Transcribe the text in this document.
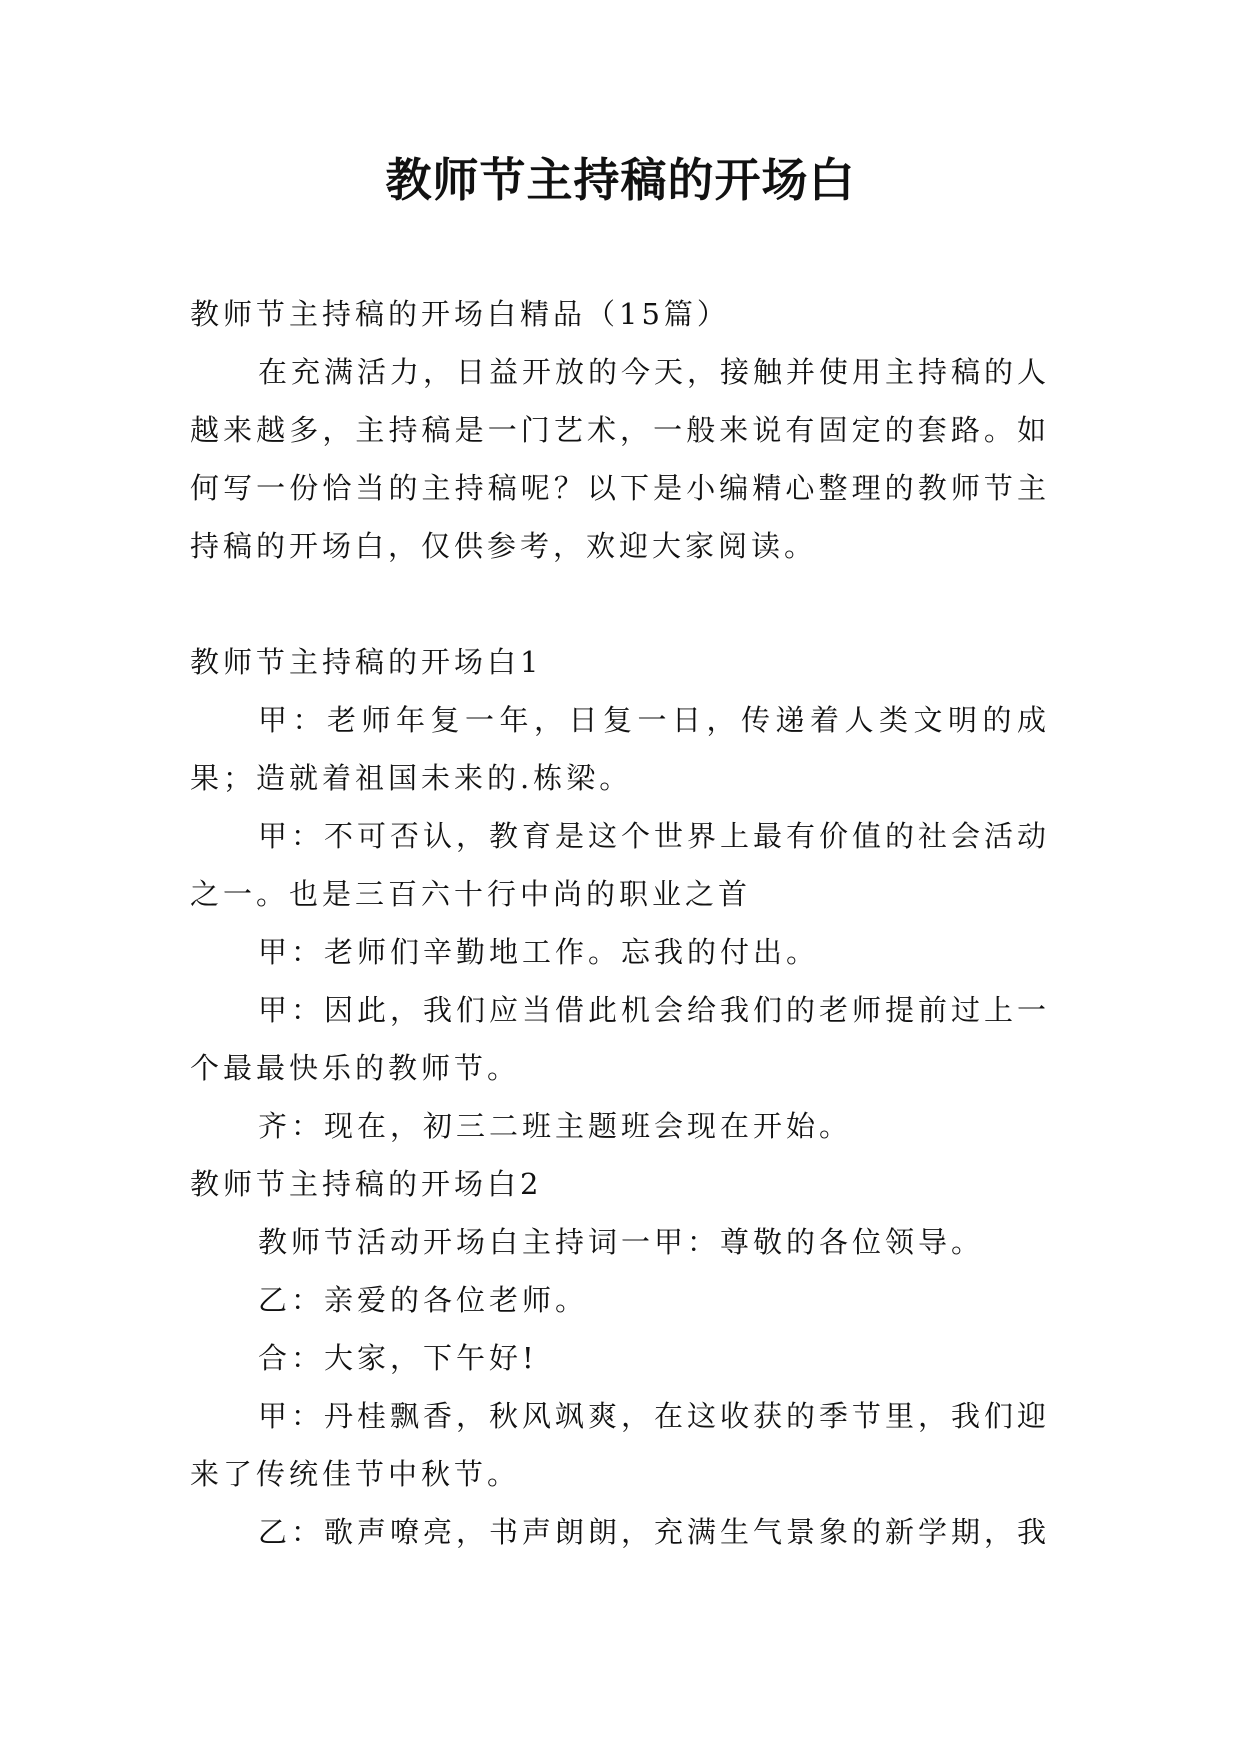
教师节主持稿的开场白

教师节主持稿的开场白精品（15篇）

在充满活力，日益开放的今天，接触并使用主持稿的人越来越多，主持稿是一门艺术，一般来说有固定的套路。如何写一份恰当的主持稿呢？以下是小编精心整理的教师节主持稿的开场白，仅供参考，欢迎大家阅读。

教师节主持稿的开场白1

甲：老师年复一年，日复一日，传递着人类文明的成果；造就着祖国未来的.栋梁。

甲：不可否认，教育是这个世界上最有价值的社会活动之一。也是三百六十行中尚的职业之首

甲：老师们辛勤地工作。忘我的付出。

甲：因此，我们应当借此机会给我们的老师提前过上一个最最快乐的教师节。

齐：现在，初三二班主题班会现在开始。

教师节主持稿的开场白2

教师节活动开场白主持词一甲：尊敬的各位领导。

乙：亲爱的各位老师。

合：大家，下午好!

甲：丹桂飘香，秋风飒爽，在这收获的季节里，我们迎来了传统佳节中秋节。

乙：歌声嘹亮，书声朗朗，充满生气景象的新学期，我
